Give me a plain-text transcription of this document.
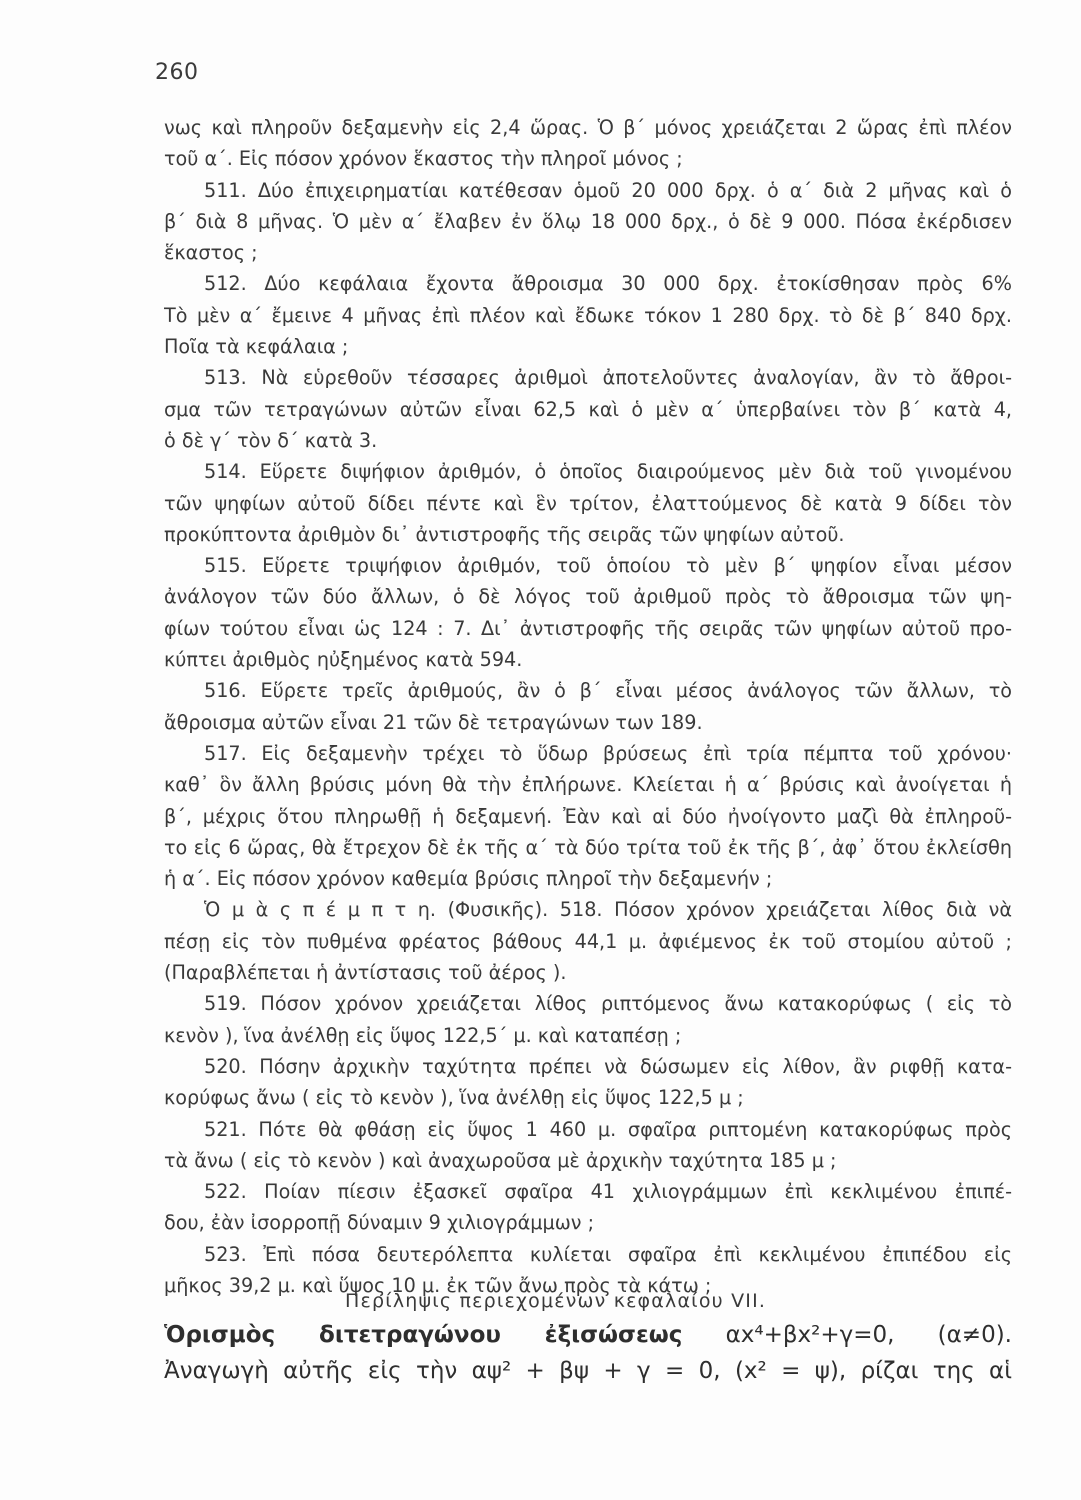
260
νως καὶ πληροῦν δεξαμενὴν εἰς 2,4 ὥρας. Ὁ β΄ μόνος χρειάζεται 2 ὥρας ἐπὶ πλέον
τοῦ α΄. Εἰς πόσον χρόνον ἕκαστος τὴν πληροῖ μόνος ;
511. Δύο ἐπιχειρηματίαι κατέθεσαν ὁμοῦ 20 000 δρχ. ὁ α΄ διὰ 2 μῆνας καὶ ὁ
β΄ διὰ 8 μῆνας. Ὁ μὲν α΄ ἔλαβεν ἐν ὅλῳ 18 000 δρχ., ὁ δὲ 9 000. Πόσα ἐκέρδισεν
ἕκαστος ;
512. Δύο κεφάλαια ἔχοντα ἄθροισμα 30 000 δρχ. ἐτοκίσθησαν πρὸς 6%
Τὸ μὲν α΄ ἔμεινε 4 μῆνας ἐπὶ πλέον καὶ ἔδωκε τόκον 1 280 δρχ. τὸ δὲ β΄ 840 δρχ.
Ποῖα τὰ κεφάλαια ;
513. Νὰ εὑρεθοῦν τέσσαρες ἀριθμοὶ ἀποτελοῦντες ἀναλογίαν, ἂν τὸ ἄθροι-
σμα τῶν τετραγώνων αὐτῶν εἶναι 62,5 καὶ ὁ μὲν α΄ ὑπερβαίνει τὸν β΄ κατὰ 4,
ὁ δὲ γ΄ τὸν δ΄ κατὰ 3.
514. Εὕρετε διψήφιον ἀριθμόν, ὁ ὁποῖος διαιρούμενος μὲν διὰ τοῦ γινομένου
τῶν ψηφίων αὐτοῦ δίδει πέντε καὶ ἓν τρίτον, ἐλαττούμενος δὲ κατὰ 9 δίδει τὸν
προκύπτοντα ἀριθμὸν δι᾿ ἀντιστροφῆς τῆς σειρᾶς τῶν ψηφίων αὐτοῦ.
515. Εὕρετε τριψήφιον ἀριθμόν, τοῦ ὁποίου τὸ μὲν β΄ ψηφίον εἶναι μέσον
ἀνάλογον τῶν δύο ἄλλων, ὁ δὲ λόγος τοῦ ἀριθμοῦ πρὸς τὸ ἄθροισμα τῶν ψη-
φίων τούτου εἶναι ὡς 124 : 7. Δι᾿ ἀντιστροφῆς τῆς σειρᾶς τῶν ψηφίων αὐτοῦ προ-
κύπτει ἀριθμὸς ηὐξημένος κατὰ 594.
516. Εὕρετε τρεῖς ἀριθμούς, ἂν ὁ β΄ εἶναι μέσος ἀνάλογος τῶν ἄλλων, τὸ
ἄθροισμα αὐτῶν εἶναι 21 τῶν δὲ τετραγώνων των 189.
517. Εἰς δεξαμενὴν τρέχει τὸ ὕδωρ βρύσεως ἐπὶ τρία πέμπτα τοῦ χρόνου·
καθ᾿ ὃν ἄλλη βρύσις μόνη θὰ τὴν ἐπλήρωνε. Κλείεται ἡ α΄ βρύσις καὶ ἀνοίγεται ἡ
β΄, μέχρις ὅτου πληρωθῇ ἡ δεξαμενή. Ἐὰν καὶ αἱ δύο ἠνοίγοντο μαζὶ θὰ ἐπληροῦ-
το εἰς 6 ὥρας, θὰ ἔτρεχον δὲ ἐκ τῆς α΄ τὰ δύο τρίτα τοῦ ἐκ τῆς β΄, ἀφ᾿ ὅτου ἐκλείσθη
ἡ α΄. Εἰς πόσον χρόνον καθεμία βρύσις πληροῖ τὴν δεξαμενήν ;
Ὁ μ ὰ ς π έ μ π τ η. (Φυσικῆς). 518. Πόσον χρόνον χρειάζεται λίθος διὰ νὰ
πέσῃ εἰς τὸν πυθμένα φρέατος βάθους 44,1 μ. ἀφιέμενος ἐκ τοῦ στομίου αὐτοῦ ;
(Παραβλέπεται ἡ ἀντίστασις τοῦ ἀέρος ).
519. Πόσον χρόνον χρειάζεται λίθος ριπτόμενος ἄνω κατακορύφως ( εἰς τὸ
κενὸν ), ἵνα ἀνέλθῃ εἰς ὕψος 122,5΄ μ. καὶ καταπέσῃ ;
520. Πόσην ἀρχικὴν ταχύτητα πρέπει νὰ δώσωμεν εἰς λίθον, ἂν ριφθῇ κατα-
κορύφως ἄνω ( εἰς τὸ κενὸν ), ἵνα ἀνέλθῃ εἰς ὕψος 122,5 μ ;
521. Πότε θὰ φθάσῃ εἰς ὕψος 1 460 μ. σφαῖρα ριπτομένη κατακορύφως πρὸς
τὰ ἄνω ( εἰς τὸ κενὸν ) καὶ ἀναχωροῦσα μὲ ἀρχικὴν ταχύτητα 185 μ ;
522. Ποίαν πίεσιν ἐξασκεῖ σφαῖρα 41 χιλιογράμμων ἐπὶ κεκλιμένου ἐπιπέ-
δου, ἐὰν ἰσορροπῇ δύναμιν 9 χιλιογράμμων ;
523. Ἐπὶ πόσα δευτερόλεπτα κυλίεται σφαῖρα ἐπὶ κεκλιμένου ἐπιπέδου εἰς
μῆκος 39,2 μ. καὶ ὕψος 10 μ. ἐκ τῶν ἄνω πρὸς τὰ κάτω ;
Περίληψις περιεχομένων κεφαλαίου VII.
Ὁρισμὸς διτετραγώνου ἐξισώσεως αx⁴+βx²+γ=0, (α≠0).
Ἀναγωγὴ αὐτῆς εἰς τὴν αψ² + βψ + γ = 0, (x² = ψ), ρίζαι της αἱ
